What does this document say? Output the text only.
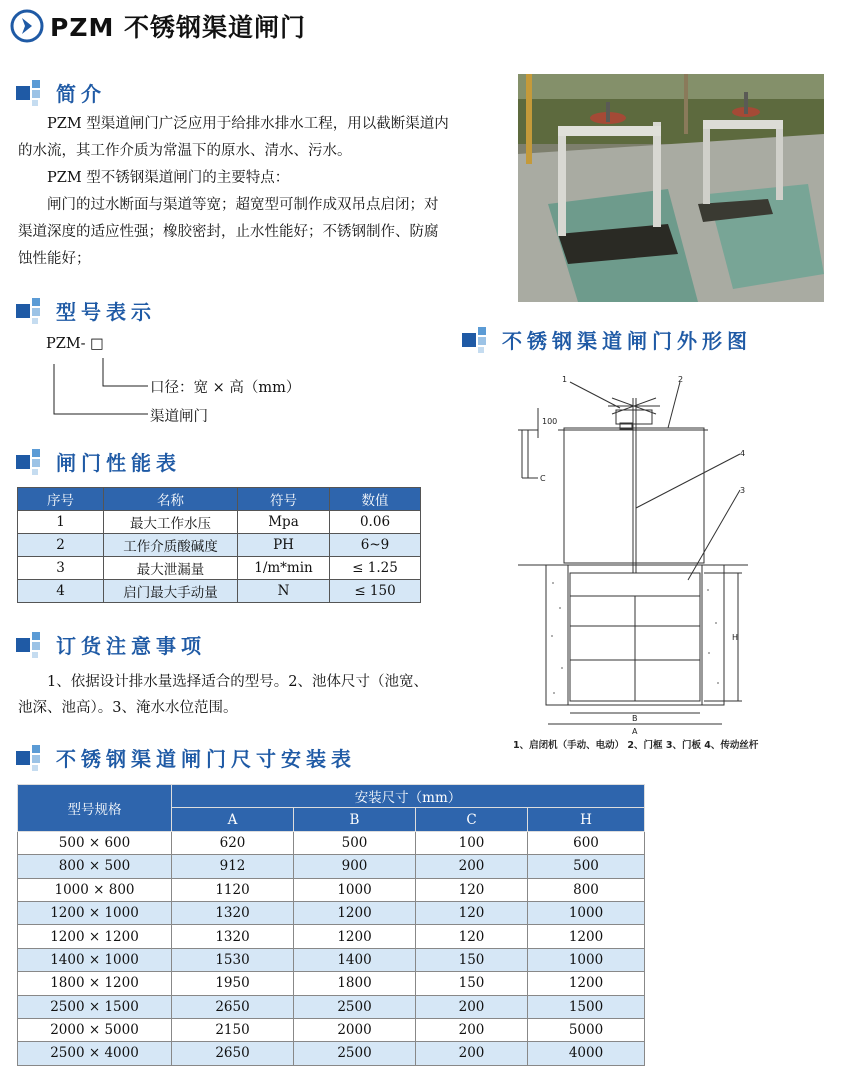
PZM 不锈钢渠道闸门
简介
PZM 型渠道闸门广泛应用于给排水排水工程，用以截断渠道内
的水流，其工作介质为常温下的原水、清水、污水。
PZM 型不锈钢渠道闸门的主要特点：
闸门的过水断面与渠道等宽；超宽型可制作成双吊点启闭；对
渠道深度的适应性强；橡胶密封，止水性能好；不锈钢制作、防腐
蚀性能好；
型号表示
PZM- □
口径：宽 × 高（mm）
渠道闸门
闸门性能表
序号	名称	符号	数值
1	最大工作水压	Mpa	0.06
2	工作介质酸碱度	PH	6~9
3	最大泄漏量	1/m*min	≤ 1.25
4	启门最大手动量	N	≤ 150
订货注意事项
1、依据设计排水量选择适合的型号。2、池体尺寸（池宽、
池深、池高）。3、淹水水位范围。
不锈钢渠道闸门外形图
1	2
3
4
A
B
C
H
100
1、启闭机（手动、电动） 2、门框 3、门板 4、传动丝杆
不锈钢渠道闸门尺寸安装表
型号规格	安装尺寸（mm）			
	A	B	C	H
500 × 600	620	500	100	600
800 × 500	912	900	200	500
1000 × 800	1120	1000	120	800
1200 × 1000	1320	1200	120	1000
1200 × 1200	1320	1200	120	1200
1400 × 1000	1530	1400	150	1000
1800 × 1200	1950	1800	150	1200
2500 × 1500	2650	2500	200	1500
2000 × 5000	2150	2000	200	5000
2500 × 4000	2650	2500	200	4000
